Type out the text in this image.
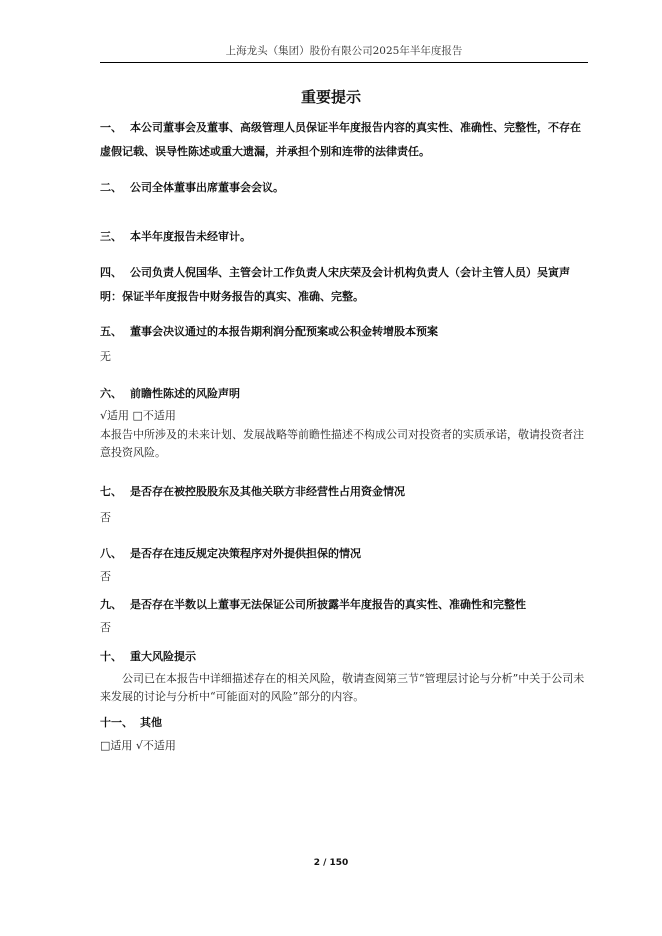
上海龙头（集团）股份有限公司2025年半年度报告
重要提示
一、 本公司董事会及董事、高级管理人员保证半年度报告内容的真实性、准确性、完整性，不存在虚假记载、误导性陈述或重大遗漏，并承担个别和连带的法律责任。
二、 公司全体董事出席董事会会议。
三、 本半年度报告未经审计。
四、 公司负责人倪国华、主管会计工作负责人宋庆荣及会计机构负责人（会计主管人员）吴寅声明：保证半年度报告中财务报告的真实、准确、完整。
五、 董事会决议通过的本报告期利润分配预案或公积金转增股本预案
无
六、 前瞻性陈述的风险声明
√适用 □不适用
本报告中所涉及的未来计划、发展战略等前瞻性描述不构成公司对投资者的实质承诺，敬请投资者注意投资风险。
七、 是否存在被控股股东及其他关联方非经营性占用资金情况
否
八、 是否存在违反规定决策程序对外提供担保的情况
否
九、 是否存在半数以上董事无法保证公司所披露半年度报告的真实性、准确性和完整性
否
十、 重大风险提示
公司已在本报告中详细描述存在的相关风险，敬请查阅第三节“管理层讨论与分析”中关于公司未来发展的讨论与分析中“可能面对的风险”部分的内容。
十一、 其他
□适用 √不适用
2 / 150
